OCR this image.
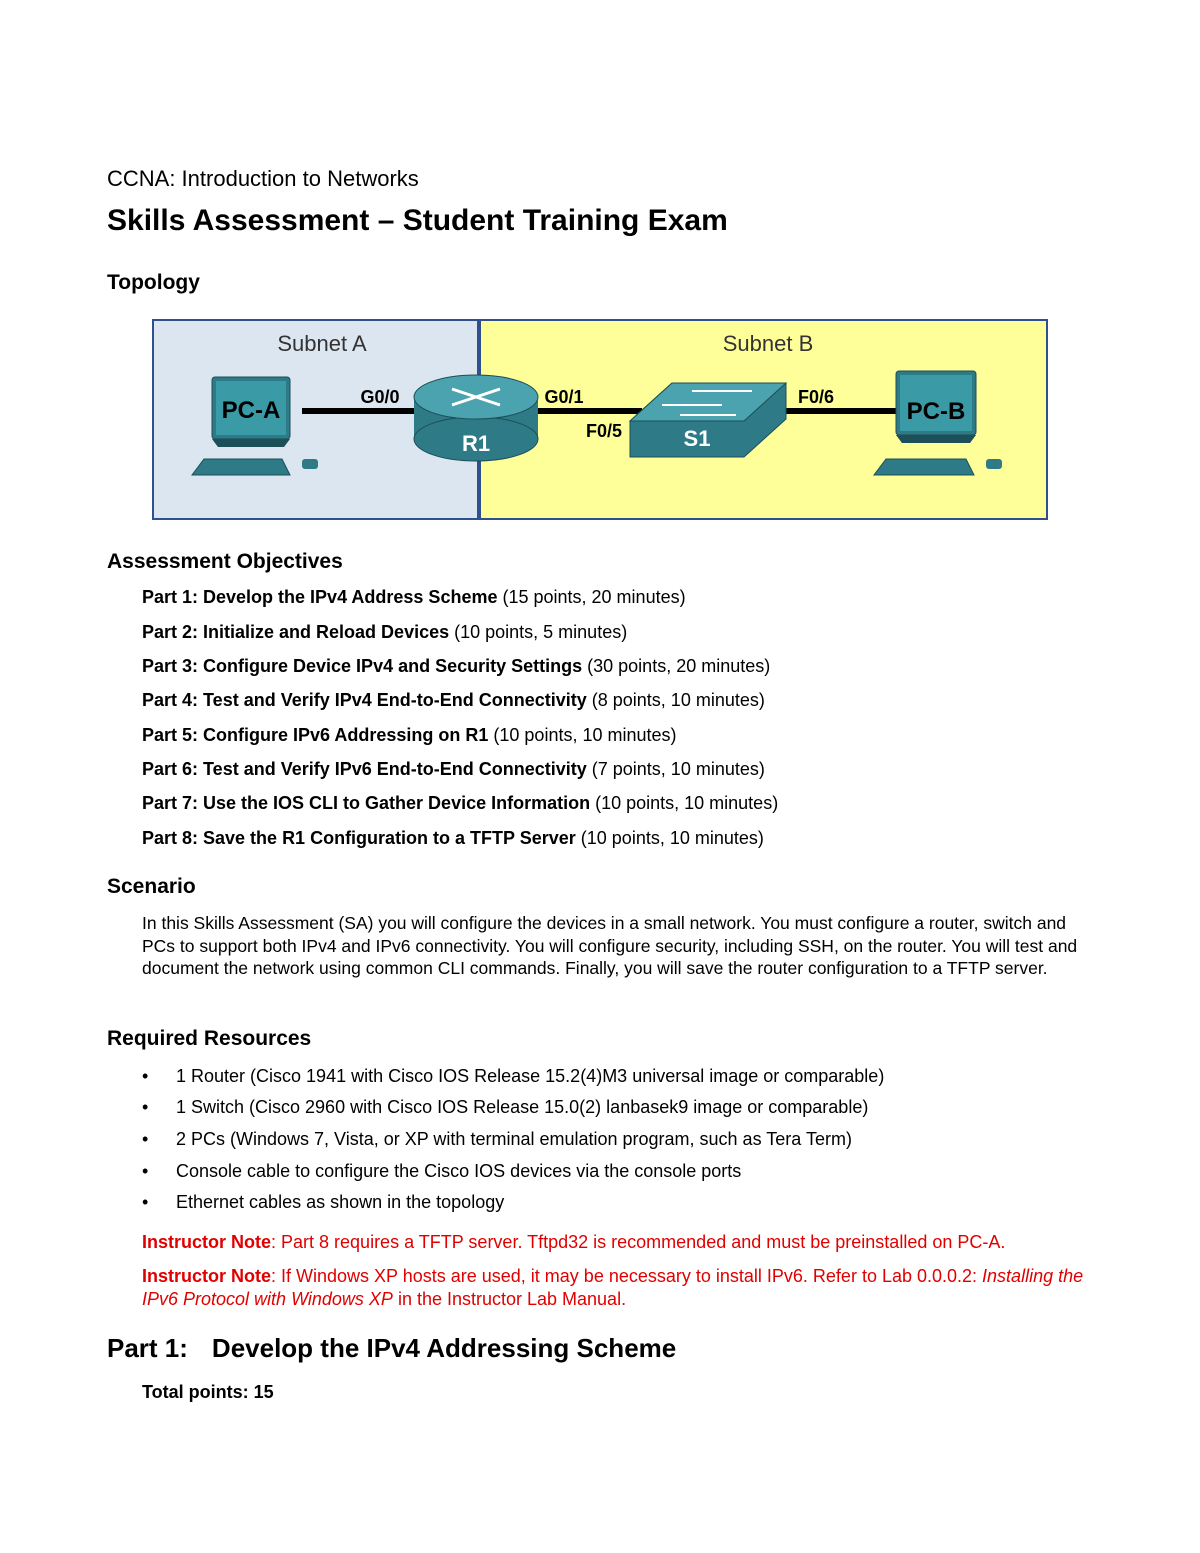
CCNA: Introduction to Networks
Skills Assessment – Student Training Exam
Topology
Subnet A	Subnet B
PC-A
R1
G0/0	G0/1
S1
F0/5
F0/6
PC-B
Assessment Objectives
Part 1: Develop the IPv4 Address Scheme (15 points, 20 minutes)
Part 2: Initialize and Reload Devices (10 points, 5 minutes)
Part 3: Configure Device IPv4 and Security Settings (30 points, 20 minutes)
Part 4: Test and Verify IPv4 End-to-End Connectivity (8 points, 10 minutes)
Part 5: Configure IPv6 Addressing on R1 (10 points, 10 minutes)
Part 6: Test and Verify IPv6 End-to-End Connectivity (7 points, 10 minutes)
Part 7: Use the IOS CLI to Gather Device Information (10 points, 10 minutes)
Part 8: Save the R1 Configuration to a TFTP Server (10 points, 10 minutes)
Scenario
In this Skills Assessment (SA) you will configure the devices in a small network. You must configure a router, switch and PCs to support both IPv4 and IPv6 connectivity. You will configure security, including SSH, on the router. You will test and document the network using common CLI commands. Finally, you will save the router configuration to a TFTP server.
Required Resources
• 1 Router (Cisco 1941 with Cisco IOS Release 15.2(4)M3 universal image or comparable)
• 1 Switch (Cisco 2960 with Cisco IOS Release 15.0(2) lanbasek9 image or comparable)
• 2 PCs (Windows 7, Vista, or XP with terminal emulation program, such as Tera Term)
• Console cable to configure the Cisco IOS devices via the console ports
• Ethernet cables as shown in the topology
Instructor Note: Part 8 requires a TFTP server. Tftpd32 is recommended and must be preinstalled on PC-A.
Instructor Note: If Windows XP hosts are used, it may be necessary to install IPv6. Refer to Lab 0.0.0.2: Installing the IPv6 Protocol with Windows XP in the Instructor Lab Manual.
Part 1: Develop the IPv4 Addressing Scheme
Total points: 15
